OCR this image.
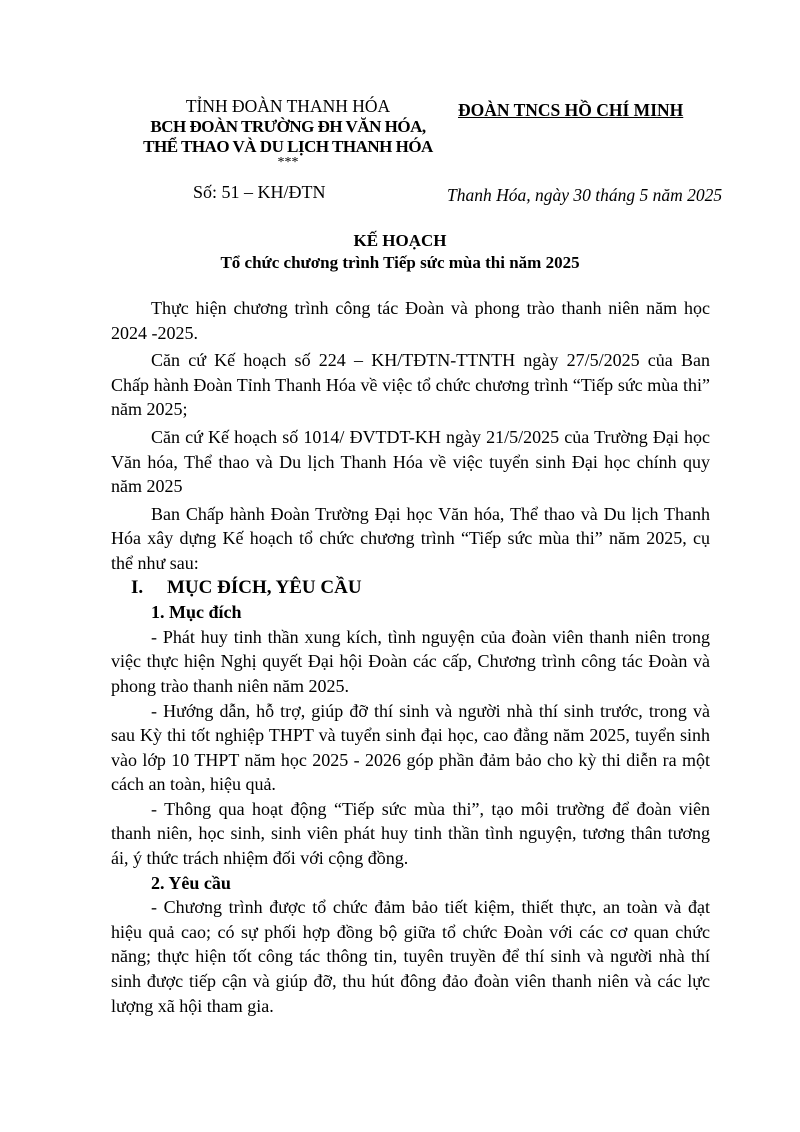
TỈNH ĐOÀN THANH HÓA
BCH ĐOÀN TRƯỜNG ĐH VĂN HÓA,
THỂ THAO VÀ DU LỊCH THANH HÓA
***
ĐOÀN TNCS HỒ CHÍ MINH
Số: 51 – KH/ĐTN	Thanh Hóa, ngày 30 tháng 5 năm 2025
KẾ HOẠCH
Tổ chức chương trình Tiếp sức mùa thi năm 2025

Thực hiện chương trình công tác Đoàn và phong trào thanh niên năm học 2024 -2025.

Căn cứ Kế hoạch số 224 – KH/TĐTN-TTNTH ngày 27/5/2025 của Ban Chấp hành Đoàn Tỉnh Thanh Hóa về việc tổ chức chương trình “Tiếp sức mùa thi” năm 2025;

Căn cứ Kế hoạch số 1014/ ĐVTDT-KH ngày 21/5/2025 của Trường Đại học Văn hóa, Thể thao và Du lịch Thanh Hóa về việc tuyển sinh Đại học chính quy năm 2025

Ban Chấp hành Đoàn Trường Đại học Văn hóa, Thể thao và Du lịch Thanh Hóa xây dựng Kế hoạch tổ chức chương trình “Tiếp sức mùa thi” năm 2025, cụ thể như sau:

I. MỤC ĐÍCH, YÊU CẦU
1. Mục đích

- Phát huy tinh thần xung kích, tình nguyện của đoàn viên thanh niên trong việc thực hiện Nghị quyết Đại hội Đoàn các cấp, Chương trình công tác Đoàn và phong trào thanh niên năm 2025.

- Hướng dẫn, hỗ trợ, giúp đỡ thí sinh và người nhà thí sinh trước, trong và sau Kỳ thi tốt nghiệp THPT và tuyển sinh đại học, cao đẳng năm 2025, tuyển sinh vào lớp 10 THPT năm học 2025 - 2026 góp phần đảm bảo cho kỳ thi diễn ra một cách an toàn, hiệu quả.

- Thông qua hoạt động “Tiếp sức mùa thi”, tạo môi trường để đoàn viên thanh niên, học sinh, sinh viên phát huy tinh thần tình nguyện, tương thân tương ái, ý thức trách nhiệm đối với cộng đồng.

2. Yêu cầu

- Chương trình được tổ chức đảm bảo tiết kiệm, thiết thực, an toàn và đạt hiệu quả cao; có sự phối hợp đồng bộ giữa tổ chức Đoàn với các cơ quan chức năng; thực hiện tốt công tác thông tin, tuyên truyền để thí sinh và người nhà thí sinh được tiếp cận và giúp đỡ, thu hút đông đảo đoàn viên thanh niên và các lực lượng xã hội tham gia.
